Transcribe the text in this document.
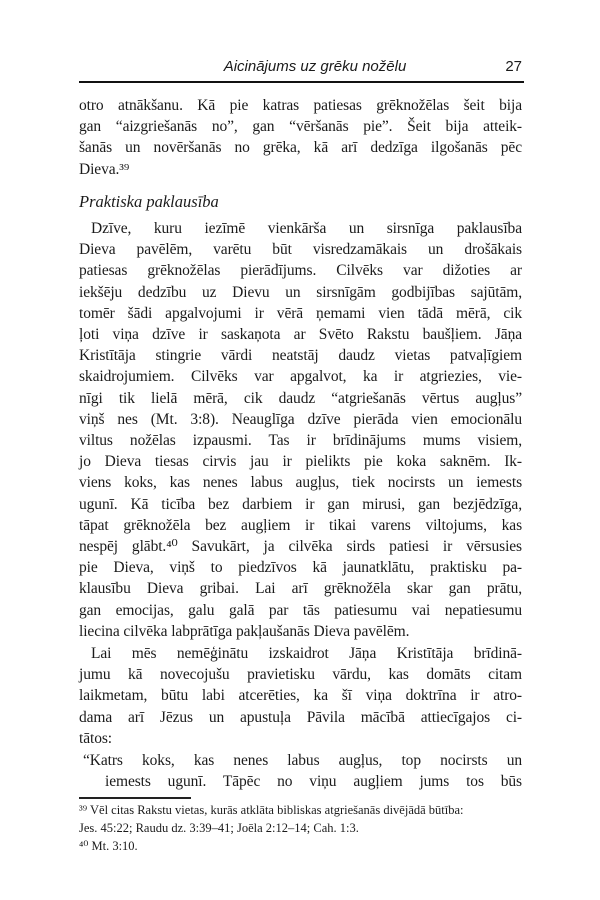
Aicinājums uz grēku nožēlu	27
otro atnākšanu. Kā pie katras patiesas grēknožēlas šeit bija
gan “aizgriešanās no”, gan “vēršanās pie”. Šeit bija atteik-
šanās un novēršanās no grēka, kā arī dedzīga ilgošanās pēc
Dieva.³⁹
Praktiska paklausība
Dzīve, kuru iezīmē vienkārša un sirsnīga paklausība
Dieva pavēlēm, varētu būt visredzamākais un drošākais
patiesas grēknožēlas pierādījums. Cilvēks var dižoties ar
iekšēju dedzību uz Dievu un sirsnīgām godbijības sajūtām,
tomēr šādi apgalvojumi ir vērā ņemami vien tādā mērā, cik
ļoti viņa dzīve ir saskaņota ar Svēto Rakstu baušļiem. Jāņa
Kristītāja stingrie vārdi neatstāj daudz vietas patvaļīgiem
skaidrojumiem. Cilvēks var apgalvot, ka ir atgriezies, vie-
nīgi tik lielā mērā, cik daudz “atgriešanās vērtus augļus”
viņš nes (Mt. 3:8). Neauglīga dzīve pierāda vien emocionālu
viltus nožēlas izpausmi. Tas ir brīdinājums mums visiem,
jo Dieva tiesas cirvis jau ir pielikts pie koka saknēm. Ik-
viens koks, kas nenes labus augļus, tiek nocirsts un iemests
ugunī. Kā ticība bez darbiem ir gan mirusi, gan bezjēdzīga,
tāpat grēknožēla bez augļiem ir tikai varens viltojums, kas
nespēj glābt.⁴⁰ Savukārt, ja cilvēka sirds patiesi ir vērsusies
pie Dieva, viņš to piedzīvos kā jaunatklātu, praktisku pa-
klausību Dieva gribai. Lai arī grēknožēla skar gan prātu,
gan emocijas, galu galā par tās patiesumu vai nepatiesumu
liecina cilvēka labprātīga pakļaušanās Dieva pavēlēm.
Lai mēs nemēģinātu izskaidrot Jāņa Kristītāja brīdinā-
jumu kā novecojušu pravietisku vārdu, kas domāts citam
laikmetam, būtu labi atcerēties, ka šī viņa doktrīna ir atro-
dama arī Jēzus un apustuļa Pāvila mācībā attiecīgajos ci-
tātos:
“Katrs koks, kas nenes labus augļus, top nocirsts un
iemests ugunī. Tāpēc no viņu augļiem jums tos būs
³⁹ Vēl citas Rakstu vietas, kurās atklāta bibliskas atgriešanās divējādā būtība:
Jes. 45:22; Raudu dz. 3:39–41; Joēla 2:12–14; Cah. 1:3.
⁴⁰ Mt. 3:10.
